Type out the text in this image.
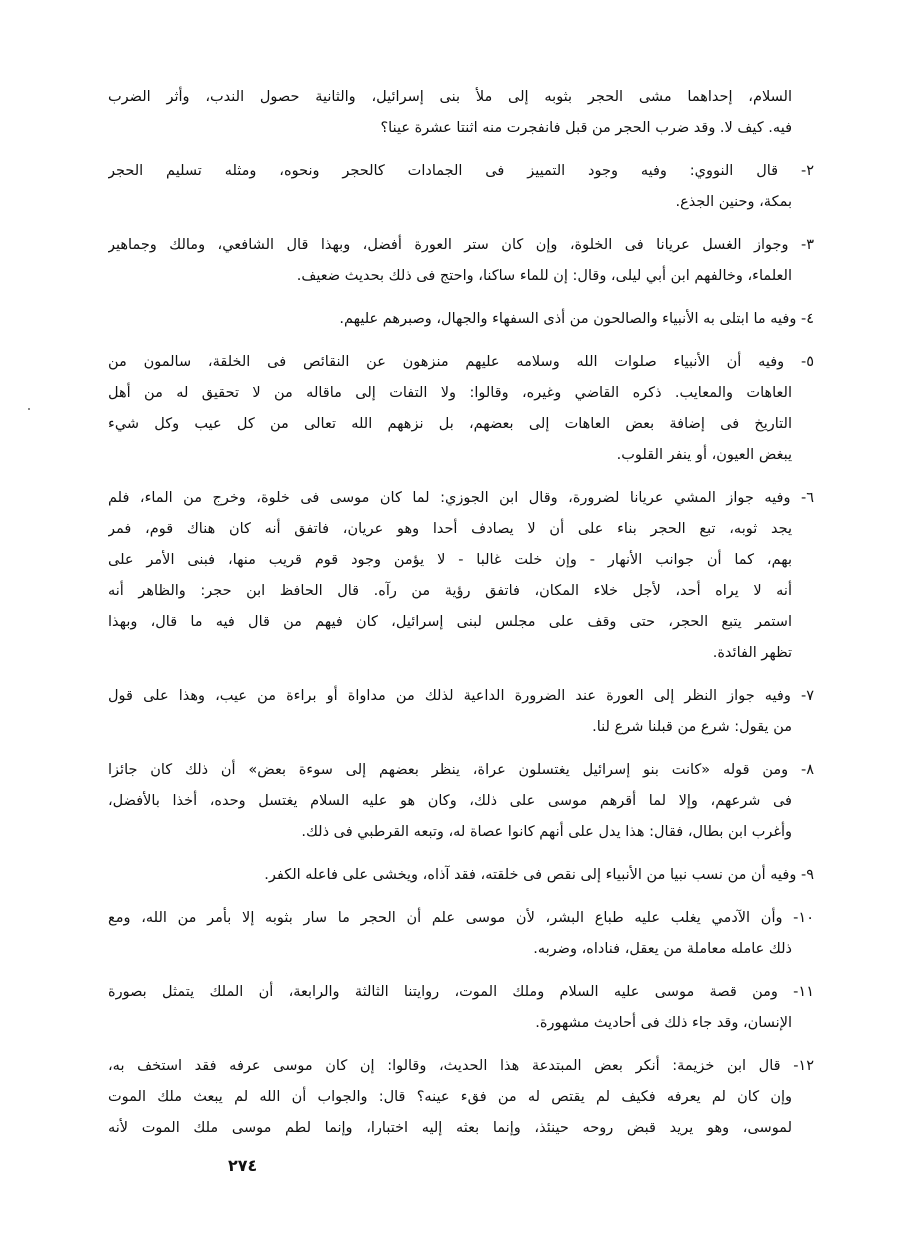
السلام، إحداهما مشى الحجر بثوبه إلى ملأ بنى إسرائيل، والثانية حصول الندب، وأثر الضرب
فيه. كيف لا. وقد ضرب الحجر من قبل فانفجرت منه اثنتا عشرة عينا؟
٢- قال النووي: وفيه وجود التمييز فى الجمادات كالحجر ونحوه، ومثله تسليم الحجر
بمكة، وحنين الجذع.
٣- وجواز الغسل عريانا فى الخلوة، وإن كان ستر العورة أفضل، وبهذا قال الشافعي، ومالك وجماهير
العلماء، وخالفهم ابن أبي ليلى، وقال: إن للماء ساكنا، واحتج فى ذلك بحديث ضعيف.
٤- وفيه ما ابتلى به الأنبياء والصالحون من أذى السفهاء والجهال، وصبرهم عليهم.
٥- وفيه أن الأنبياء صلوات الله وسلامه عليهم منزهون عن النقائص فى الخلقة، سالمون من
العاهات والمعايب. ذكره القاضي وغيره، وقالوا: ولا التفات إلى ماقاله من لا تحقيق له من أهل
التاريخ فى إضافة بعض العاهات إلى بعضهم، بل نزههم الله تعالى من كل عيب وكل شيء
يبغض العيون، أو ينفر القلوب.
٦- وفيه جواز المشي عريانا لضرورة، وقال ابن الجوزي: لما كان موسى فى خلوة، وخرج من الماء، فلم
يجد ثوبه، تبع الحجر بناء على أن لا يصادف أحدا وهو عريان، فاتفق أنه كان هناك قوم، فمر
بهم، كما أن جوانب الأنهار - وإن خلت غالبا - لا يؤمن وجود قوم قريب منها، فبنى الأمر على
أنه لا يراه أحد، لأجل خلاء المكان، فاتفق رؤية من رآه. قال الحافظ ابن حجر: والظاهر أنه
استمر يتبع الحجر، حتى وقف على مجلس لبنى إسرائيل، كان فيهم من قال فيه ما قال، وبهذا
تظهر الفائدة.
٧- وفيه جواز النظر إلى العورة عند الضرورة الداعية لذلك من مداواة أو براءة من عيب، وهذا على قول
من يقول: شرع من قبلنا شرع لنا.
٨- ومن قوله «كانت بنو إسرائيل يغتسلون عراة، ينظر بعضهم إلى سوءة بعض» أن ذلك كان جائزا
فى شرعهم، وإلا لما أقرهم موسى على ذلك، وكان هو عليه السلام يغتسل وحده، أخذا بالأفضل،
وأغرب ابن بطال، فقال: هذا يدل على أنهم كانوا عصاة له، وتبعه القرطبي فى ذلك.
٩- وفيه أن من نسب نبيا من الأنبياء إلى نقص فى خلقته، فقد آذاه، ويخشى على فاعله الكفر.
١٠- وأن الآدمي يغلب عليه طباع البشر، لأن موسى علم أن الحجر ما سار بثوبه إلا بأمر من الله، ومع
ذلك عامله معاملة من يعقل، فناداه، وضربه.
١١- ومن قصة موسى عليه السلام وملك الموت، روايتنا الثالثة والرابعة، أن الملك يتمثل بصورة
الإنسان، وقد جاء ذلك فى أحاديث مشهورة.
١٢- قال ابن خزيمة: أنكر بعض المبتدعة هذا الحديث، وقالوا: إن كان موسى عرفه فقد استخف به،
وإن كان لم يعرفه فكيف لم يقتص له من فقء عينه؟ قال: والجواب أن الله لم يبعث ملك الموت
لموسى، وهو يريد قبض روحه حينئذ، وإنما بعثه إليه اختبارا، وإنما لطم موسى ملك الموت لأنه
٢٧٤
